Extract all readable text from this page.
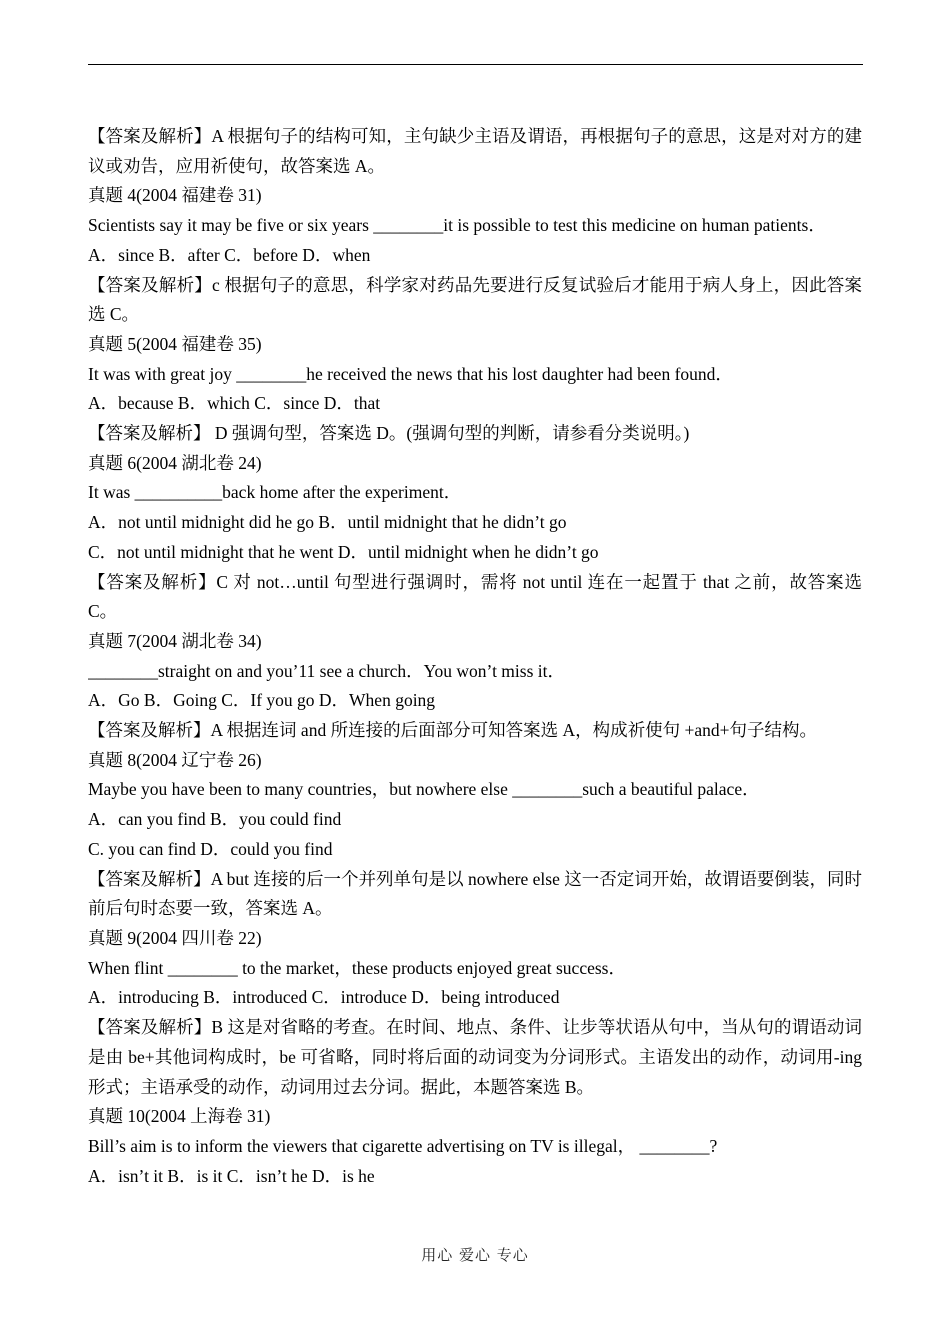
【答案及解析】A 根据句子的结构可知，主句缺少主语及谓语，再根据句子的意思，这是对对方的建议或劝告，应用祈使句，故答案选 A。
真题 4(2004 福建卷 31)
Scientists say it may be five or six years ________it is possible to test this medicine on human patients．
A．since B．after C．before D．when
【答案及解析】c 根据句子的意思，科学家对药品先要进行反复试验后才能用于病人身上，因此答案选 C。
真题 5(2004 福建卷 35)
It was with great joy ________he received the news that his lost daughter had been found．
A．because B．which C．since D．that
【答案及解析】 D 强调句型，答案选 D。(强调句型的判断，请参看分类说明。)
真题 6(2004 湖北卷 24)
It was __________back home after the experiment．
A．not until midnight did he go B．until midnight that he didn’t go
C．not until midnight that he went D．until midnight when he didn’t go
【答案及解析】C 对 not…until 句型进行强调时，需将 not until 连在一起置于 that 之前，故答案选 C。
真题 7(2004 湖北卷 34)
________straight on and you’11 see a church．You won’t miss it．
A．Go B．Going C．If you go D．When going
【答案及解析】A 根据连词 and 所连接的后面部分可知答案选 A，构成祈使句 +and+句子结构。
真题 8(2004 辽宁卷 26)
Maybe you have been to many countries，but nowhere else ________such a beautiful palace．
A．can you find B．you could find
C. you can find D．could you find
【答案及解析】A but 连接的后一个并列单句是以 nowhere else 这一否定词开始，故谓语要倒装，同时前后句时态要一致，答案选 A。
真题 9(2004 四川卷 22)
When flint ________ to the market，these products enjoyed great success．
A．introducing B．introduced C．introduce D．being introduced
【答案及解析】B 这是对省略的考查。在时间、地点、条件、让步等状语从句中，当从句的谓语动词是由 be+其他词构成时，be 可省略，同时将后面的动词变为分词形式。主语发出的动作，动词用-ing 形式；主语承受的动作，动词用过去分词。据此，本题答案选 B。
真题 10(2004 上海卷 31)
Bill’s aim is to inform the viewers that cigarette advertising on TV is illegal， ________?
A．isn’t it B．is it C．isn’t he D．is he
用心 爱心 专心
